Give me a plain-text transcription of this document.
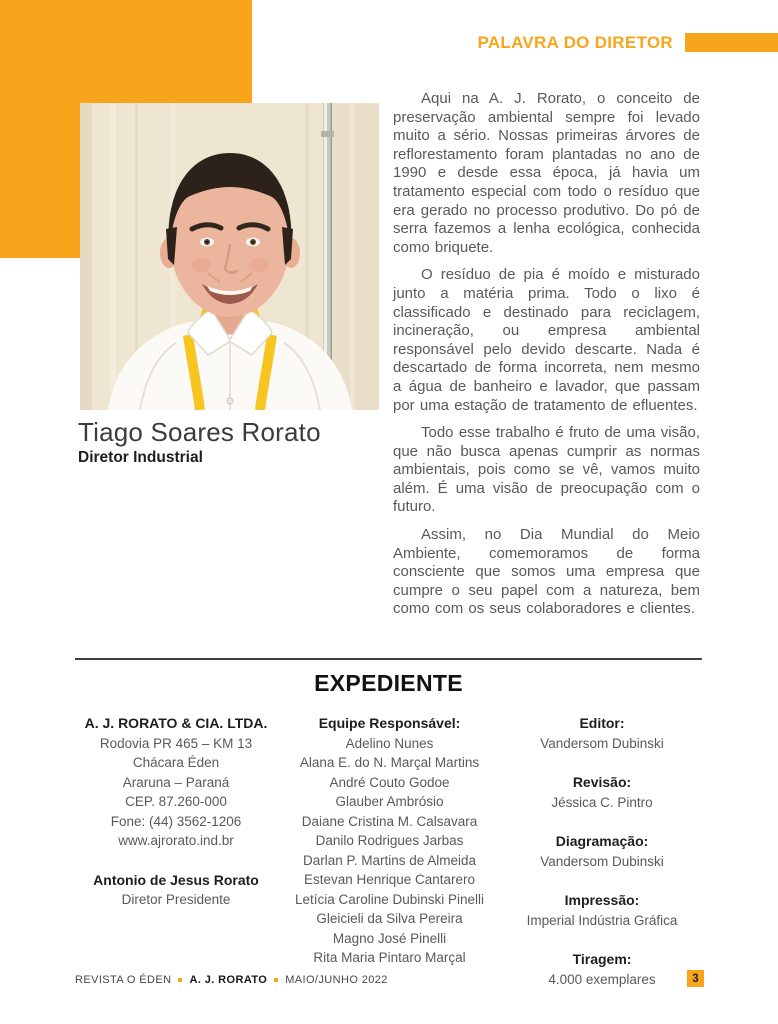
PALAVRA DO DIRETOR
Tiago Soares Rorato
Diretor Industrial
Aqui na A. J. Rorato, o conceito de preservação ambiental sempre foi levado muito a sério. Nossas primeiras árvores de reflorestamento foram plantadas no ano de 1990 e desde essa época, já havia um tratamento especial com todo o resíduo que era gerado no processo produtivo. Do pó de serra fazemos a lenha ecológica, conhecida como briquete.
O resíduo de pia é moído e misturado junto a matéria prima. Todo o lixo é classificado e destinado para reciclagem, incineração, ou empresa ambiental responsável pelo devido descarte. Nada é descartado de forma incorreta, nem mesmo a água de banheiro e lavador, que passam por uma estação de tratamento de efluentes.
Todo esse trabalho é fruto de uma visão, que não busca apenas cumprir as normas ambientais, pois como se vê, vamos muito além. É uma visão de preocupação com o futuro.
Assim, no Dia Mundial do Meio Ambiente, comemoramos de forma consciente que somos uma empresa que cumpre o seu papel com a natureza, bem como com os seus colaboradores e clientes.
EXPEDIENTE
A. J. RORATO & CIA. LTDA.
Rodovia PR 465 – KM 13
Chácara Éden
Araruna – Paraná
CEP. 87.260-000
Fone: (44) 3562-1206
www.ajrorato.ind.br
Antonio de Jesus Rorato
Diretor Presidente
Equipe Responsável:
Adelino Nunes
Alana E. do N. Marçal Martins
André Couto Godoe
Glauber Ambrósio
Daiane Cristina M. Calsavara
Danilo Rodrigues Jarbas
Darlan P. Martins de Almeida
Estevan Henrique Cantarero
Letícia Caroline Dubinski Pinelli
Gleicieli da Silva Pereira
Magno José Pinelli
Rita Maria Pintaro Marçal
Editor:
Vandersom Dubinski
Revisão:
Jéssica C. Pintro
Diagramação:
Vandersom Dubinski
Impressão:
Imperial Indústria Gráfica
Tiragem:
4.000 exemplares
REVISTA O ÉDEN A. J. RORATO MAIO/JUNHO 2022	3
